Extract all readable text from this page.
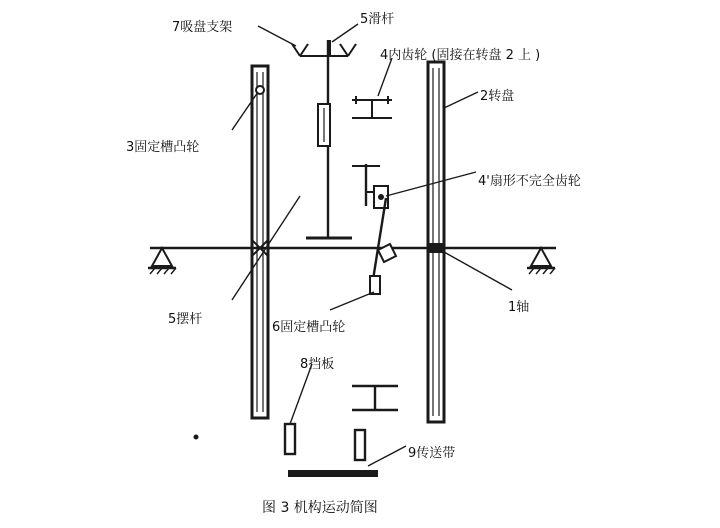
7吸盘支架
5滑杆
4内齿轮 (固接在转盘 2 上 )
2转盘
3固定槽凸轮
4'扇形不完全齿轮
1轴
5摆杆
6固定槽凸轮
8挡板
9传送带
图 3 机构运动简图
